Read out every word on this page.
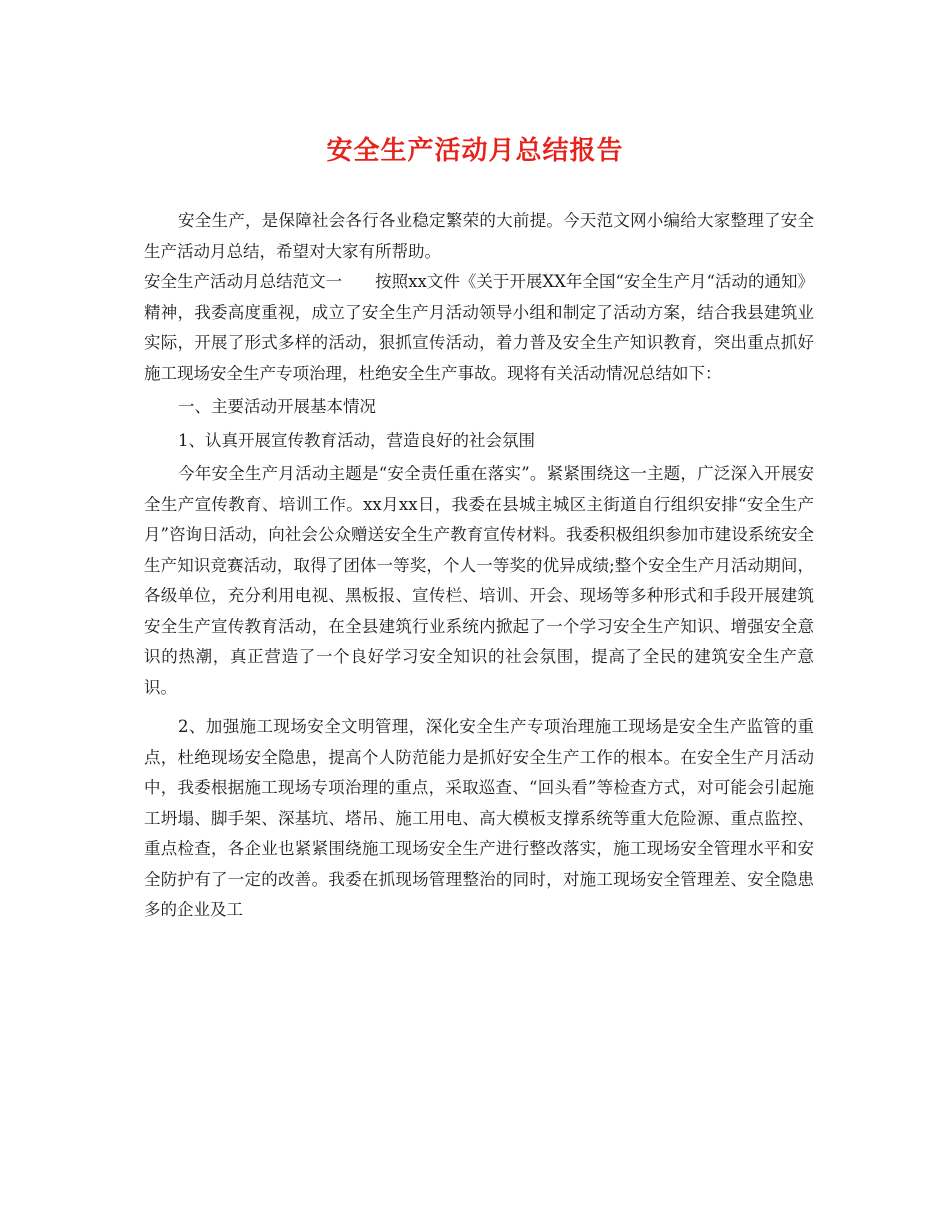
安全生产活动月总结报告

安全生产，是保障社会各行各业稳定繁荣的大前提。今天范文网小编给大家整理了安全生产活动月总结，希望对大家有所帮助。

安全生产活动月总结范文一　　按照xx文件《关于开展XX年全国“安全生产月“活动的通知》精神，我委高度重视，成立了安全生产月活动领导小组和制定了活动方案，结合我县建筑业实际，开展了形式多样的活动，狠抓宣传活动，着力普及安全生产知识教育，突出重点抓好施工现场安全生产专项治理，杜绝安全生产事故。现将有关活动情况总结如下：

一、主要活动开展基本情况

1、认真开展宣传教育活动，营造良好的社会氛围

今年安全生产月活动主题是“安全责任重在落实”。紧紧围绕这一主题，广泛深入开展安全生产宣传教育、培训工作。xx月xx日，我委在县城主城区主街道自行组织安排“安全生产月”咨询日活动，向社会公众赠送安全生产教育宣传材料。我委积极组织参加市建设系统安全生产知识竞赛活动，取得了团体一等奖，个人一等奖的优异成绩;整个安全生产月活动期间，各级单位，充分利用电视、黑板报、宣传栏、培训、开会、现场等多种形式和手段开展建筑安全生产宣传教育活动，在全县建筑行业系统内掀起了一个学习安全生产知识、增强安全意识的热潮，真正营造了一个良好学习安全知识的社会氛围，提高了全民的建筑安全生产意识。

2、加强施工现场安全文明管理，深化安全生产专项治理施工现场是安全生产监管的重点，杜绝现场安全隐患，提高个人防范能力是抓好安全生产工作的根本。在安全生产月活动中，我委根据施工现场专项治理的重点，采取巡查、“回头看”等检查方式，对可能会引起施工坍塌、脚手架、深基坑、塔吊、施工用电、高大模板支撑系统等重大危险源、重点监控、重点检查，各企业也紧紧围绕施工现场安全生产进行整改落实，施工现场安全管理水平和安全防护有了一定的改善。我委在抓现场管理整治的同时，对施工现场安全管理差、安全隐患多的企业及工
